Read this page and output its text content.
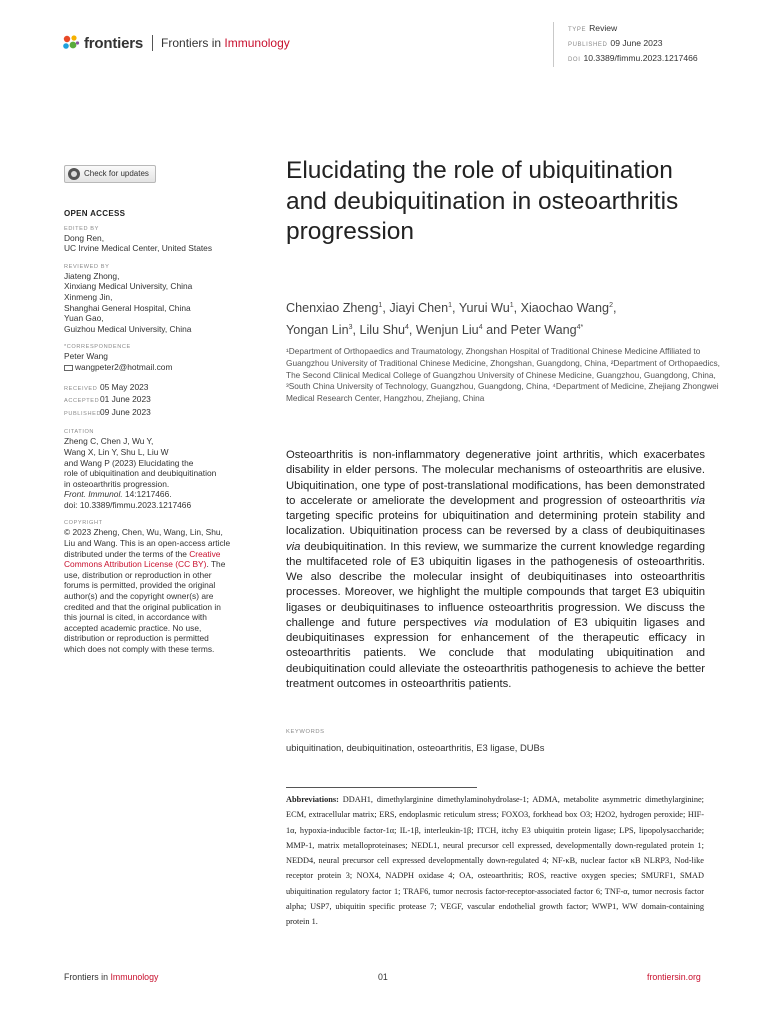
frontiers Frontiers in Immunology
TYPE Review
PUBLISHED 09 June 2023
DOI 10.3389/fimmu.2023.1217466
Check for updates
OPEN ACCESS
EDITED BY
Dong Ren,
UC Irvine Medical Center, United States
REVIEWED BY
Jiateng Zhong,
Xinxiang Medical University, China
Xinmeng Jin,
Shanghai General Hospital, China
Yuan Gao,
Guizhou Medical University, China
*CORRESPONDENCE
Peter Wang
wangpeter2@hotmail.com
RECEIVED 05 May 2023
ACCEPTED01 June 2023
PUBLISHED09 June 2023
CITATION
Zheng C, Chen J, Wu Y,
Wang X, Lin Y, Shu L, Liu W
and Wang P (2023) Elucidating the
role of ubiquitination and deubiquitination
in osteoarthritis progression.
Front. Immunol. 14:1217466.
doi: 10.3389/fimmu.2023.1217466
COPYRIGHT
© 2023 Zheng, Chen, Wu, Wang, Lin, Shu,
Liu and Wang. This is an open-access article
distributed under the terms of the Creative
Commons Attribution License (CC BY). The
use, distribution or reproduction in other
forums is permitted, provided the original
author(s) and the copyright owner(s) are
credited and that the original publication in
this journal is cited, in accordance with
accepted academic practice. No use,
distribution or reproduction is permitted
which does not comply with these terms.
Elucidating the role of ubiquitination and deubiquitination in osteoarthritis progression
Chenxiao Zheng$^1$, Jiayi Chen$^1$, Yurui Wu$^1$, Xiaochao Wang$^2$,
Yongan Lin$^3$, Lilu Shu$^4$, Wenjun Liu$^4$ and Peter Wang$^{4*}$
¹Department of Orthopaedics and Traumatology, Zhongshan Hospital of Traditional Chinese Medicine Affiliated to Guangzhou University of Traditional Chinese Medicine, Zhongshan, Guangdong, China, ²Department of Orthopaedics, The Second Clinical Medical College of Guangzhou University of Chinese Medicine, Guangzhou, Guangdong, China, ³South China University of Technology, Guangzhou, Guangdong, China, ⁴Department of Medicine, Zhejiang Zhongwei Medical Research Center, Hangzhou, Zhejiang, China
Osteoarthritis is non-inflammatory degenerative joint arthritis, which exacerbates disability in elder persons. The molecular mechanisms of osteoarthritis are elusive. Ubiquitination, one type of post-translational modifications, has been demonstrated to accelerate or ameliorate the development and progression of osteoarthritis via targeting specific proteins for ubiquitination and determining protein stability and localization. Ubiquitination process can be reversed by a class of deubiquitinases via deubiquitination. In this review, we summarize the current knowledge regarding the multifaceted role of E3 ubiquitin ligases in the pathogenesis of osteoarthritis. We also describe the molecular insight of deubiquitinases into osteoarthritis processes. Moreover, we highlight the multiple compounds that target E3 ubiquitin ligases or deubiquitinases to influence osteoarthritis progression. We discuss the challenge and future perspectives via modulation of E3 ubiquitin ligases and deubiquitinases expression for enhancement of the therapeutic efficacy in osteoarthritis patients. We conclude that modulating ubiquitination and deubiquitination could alleviate the osteoarthritis pathogenesis to achieve the better treatment outcomes in osteoarthritis patients.
KEYWORDS
ubiquitination, deubiquitination, osteoarthritis, E3 ligase, DUBs
Abbreviations: DDAH1, dimethylarginine dimethylaminohydrolase-1; ADMA, metabolite asymmetric dimethylarginine; ECM, extracellular matrix; ERS, endoplasmic reticulum stress; FOXO3, forkhead box O3; H2O2, hydrogen peroxide; HIF-1α, hypoxia-inducible factor-1α; IL-1β, interleukin-1β; ITCH, itchy E3 ubiquitin protein ligase; LPS, lipopolysaccharide; MMP-1, matrix metalloproteinases; NEDL1, neural precursor cell expressed, developmentally down-regulated protein 1; NEDD4, neural precursor cell expressed developmentally down-regulated 4; NF-κB, nuclear factor κB NLRP3, Nod-like receptor protein 3; NOX4, NADPH oxidase 4; OA, osteoarthritis; ROS, reactive oxygen species; SMURF1, SMAD ubiquitination regulatory factor 1; TRAF6, tumor necrosis factor-receptor-associated factor 6; TNF-α, tumor necrosis factor alpha; USP7, ubiquitin specific protease 7; VEGF, vascular endothelial growth factor; WWP1, WW domain-containing protein 1.
Frontiers in Immunology	01	frontiersin.org
